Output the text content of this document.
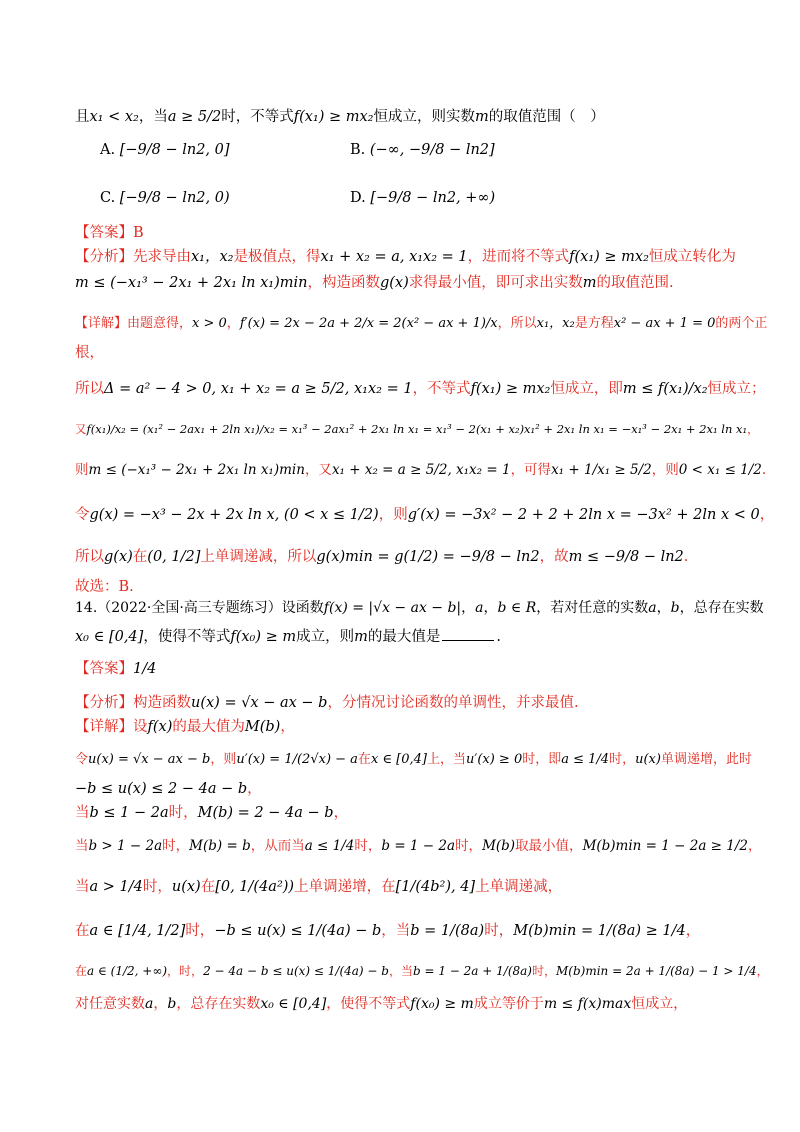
且x₁ < x₂，当a ≥ 5/2时，不等式f(x₁) ≥ mx₂恒成立，则实数m的取值范围（　）
A. [−9/8 − ln2, 0]	B. (−∞, −9/8 − ln2]
C. [−9/8 − ln2, 0)	D. [−9/8 − ln2, +∞)
【答案】B
【分析】先求导由x₁，x₂是极值点，得x₁ + x₂ = a, x₁x₂ = 1，进而将不等式f(x₁) ≥ mx₂恒成立转化为
m ≤ (−x₁³ − 2x₁ + 2x₁ ln x₁)min，构造函数g(x)求得最小值，即可求出实数m的取值范围.
【详解】由题意得，x > 0，f′(x) = 2x − 2a + 2/x = 2(x² − ax + 1)/x，所以x₁，x₂是方程x² − ax + 1 = 0的两个正
根，
所以Δ = a² − 4 > 0, x₁ + x₂ = a ≥ 5/2, x₁x₂ = 1，不等式f(x₁) ≥ mx₂恒成立，即m ≤ f(x₁)/x₂恒成立；
又f(x₁)/x₂ = (x₁² − 2ax₁ + 2ln x₁)/x₂ = x₁³ − 2ax₁² + 2x₁ ln x₁ = x₁³ − 2(x₁ + x₂)x₁² + 2x₁ ln x₁ = −x₁³ − 2x₁ + 2x₁ ln x₁，
则m ≤ (−x₁³ − 2x₁ + 2x₁ ln x₁)min，又x₁ + x₂ = a ≥ 5/2, x₁x₂ = 1，可得x₁ + 1/x₁ ≥ 5/2，则0 < x₁ ≤ 1/2.
令g(x) = −x³ − 2x + 2x ln x, (0 < x ≤ 1/2)，则g′(x) = −3x² − 2 + 2 + 2ln x = −3x² + 2ln x < 0，
所以g(x)在(0, 1/2]上单调递减，所以g(x)min = g(1/2) = −9/8 − ln2，故m ≤ −9/8 − ln2.
故选：B.
14.（2022·全国·高三专题练习）设函数f(x) = |√x − ax − b|，a，b ∈ R，若对任意的实数a，b，总存在实数
x₀ ∈ [0,4]，使得不等式f(x₀) ≥ m成立，则m的最大值是	.
【答案】1/4
【分析】构造函数u(x) = √x − ax − b，分情况讨论函数的单调性，并求最值.
【详解】设f(x)的最大值为M(b)，
令u(x) = √x − ax − b，则u′(x) = 1/(2√x) − a在x ∈ [0,4]上，当u′(x) ≥ 0时，即a ≤ 1/4时，u(x)单调递增，此时
−b ≤ u(x) ≤ 2 − 4a − b，
当b ≤ 1 − 2a时，M(b) = 2 − 4a − b，
当b > 1 − 2a时，M(b) = b，从而当a ≤ 1/4时，b = 1 − 2a时，M(b)取最小值，M(b)min = 1 − 2a ≥ 1/2，
当a > 1/4时，u(x)在[0, 1/(4a²))上单调递增，在[1/(4b²), 4]上单调递减，
在a ∈ [1/4, 1/2]时，−b ≤ u(x) ≤ 1/(4a) − b，当b = 1/(8a)时，M(b)min = 1/(8a) ≥ 1/4，
在a ∈ (1/2, +∞)，时，2 − 4a − b ≤ u(x) ≤ 1/(4a) − b，当b = 1 − 2a + 1/(8a)时，M(b)min = 2a + 1/(8a) − 1 > 1/4，
对任意实数a，b，总存在实数x₀ ∈ [0,4]，使得不等式f(x₀) ≥ m成立等价于m ≤ f(x)max恒成立，
